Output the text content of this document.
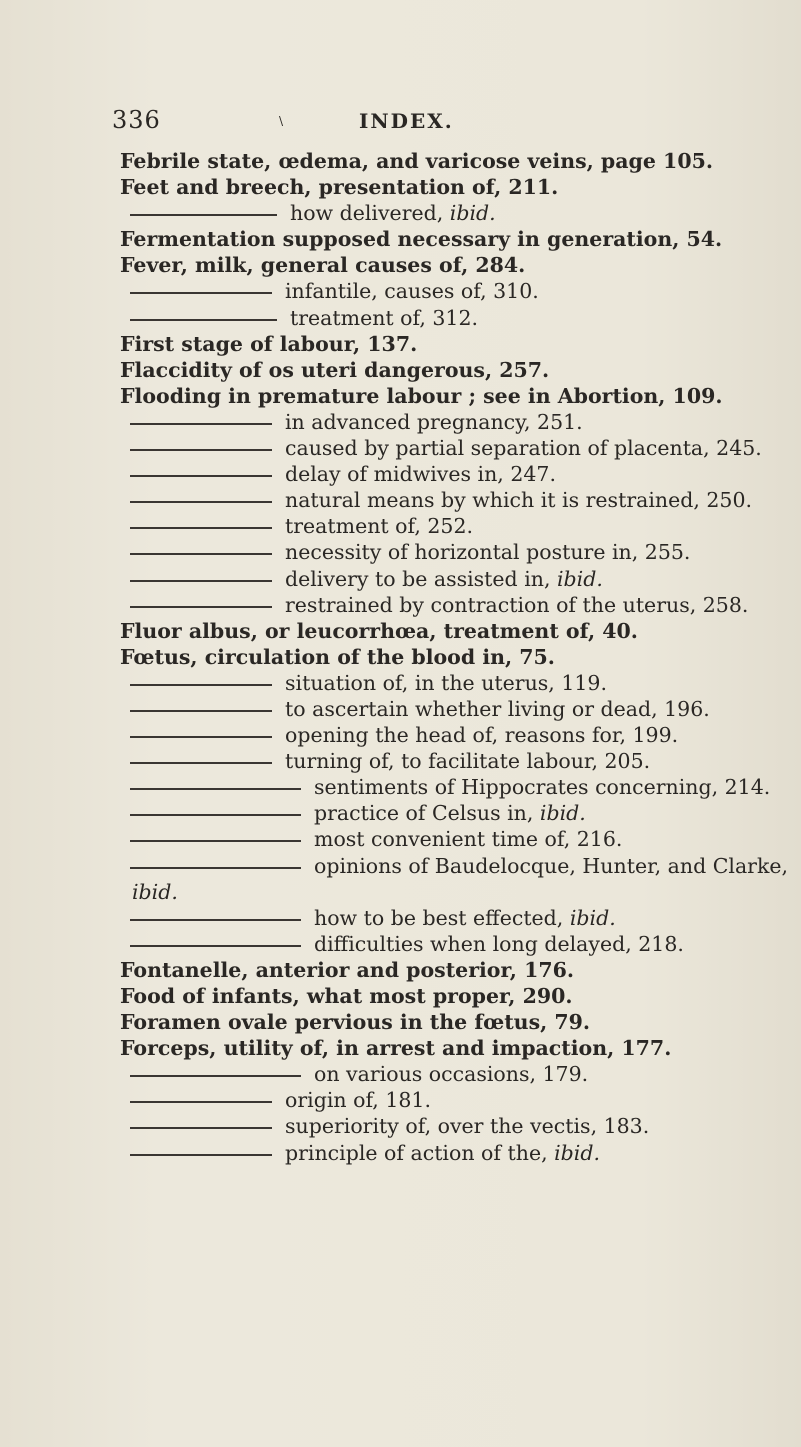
336	\	INDEX.
Febrile state, œdema, and varicose veins, page 105.
Feet and breech, presentation of, 211.
how delivered, ibid.
Fermentation supposed necessary in generation, 54.
Fever, milk, general causes of, 284.
infantile, causes of, 310.
treatment of, 312.
First stage of labour, 137.
Flaccidity of os uteri dangerous, 257.
Flooding in premature labour ; see in Abortion, 109.
in advanced pregnancy, 251.
caused by partial separation of placenta, 245.
delay of midwives in, 247.
natural means by which it is restrained, 250.
treatment of, 252.
necessity of horizontal posture in, 255.
delivery to be assisted in, ibid.
restrained by contraction of the uterus, 258.
Fluor albus, or leucorrhœa, treatment of, 40.
Fœtus, circulation of the blood in, 75.
situation of, in the uterus, 119.
to ascertain whether living or dead, 196.
opening the head of, reasons for, 199.
turning of, to facilitate labour, 205.
sentiments of Hippocrates concerning, 214.
practice of Celsus in, ibid.
most convenient time of, 216.
opinions of Baudelocque, Hunter, and Clarke,
ibid.
how to be best effected, ibid.
difficulties when long delayed, 218.
Fontanelle, anterior and posterior, 176.
Food of infants, what most proper, 290.
Foramen ovale pervious in the fœtus, 79.
Forceps, utility of, in arrest and impaction, 177.
on various occasions, 179.
origin of, 181.
superiority of, over the vectis, 183.
principle of action of the, ibid.
